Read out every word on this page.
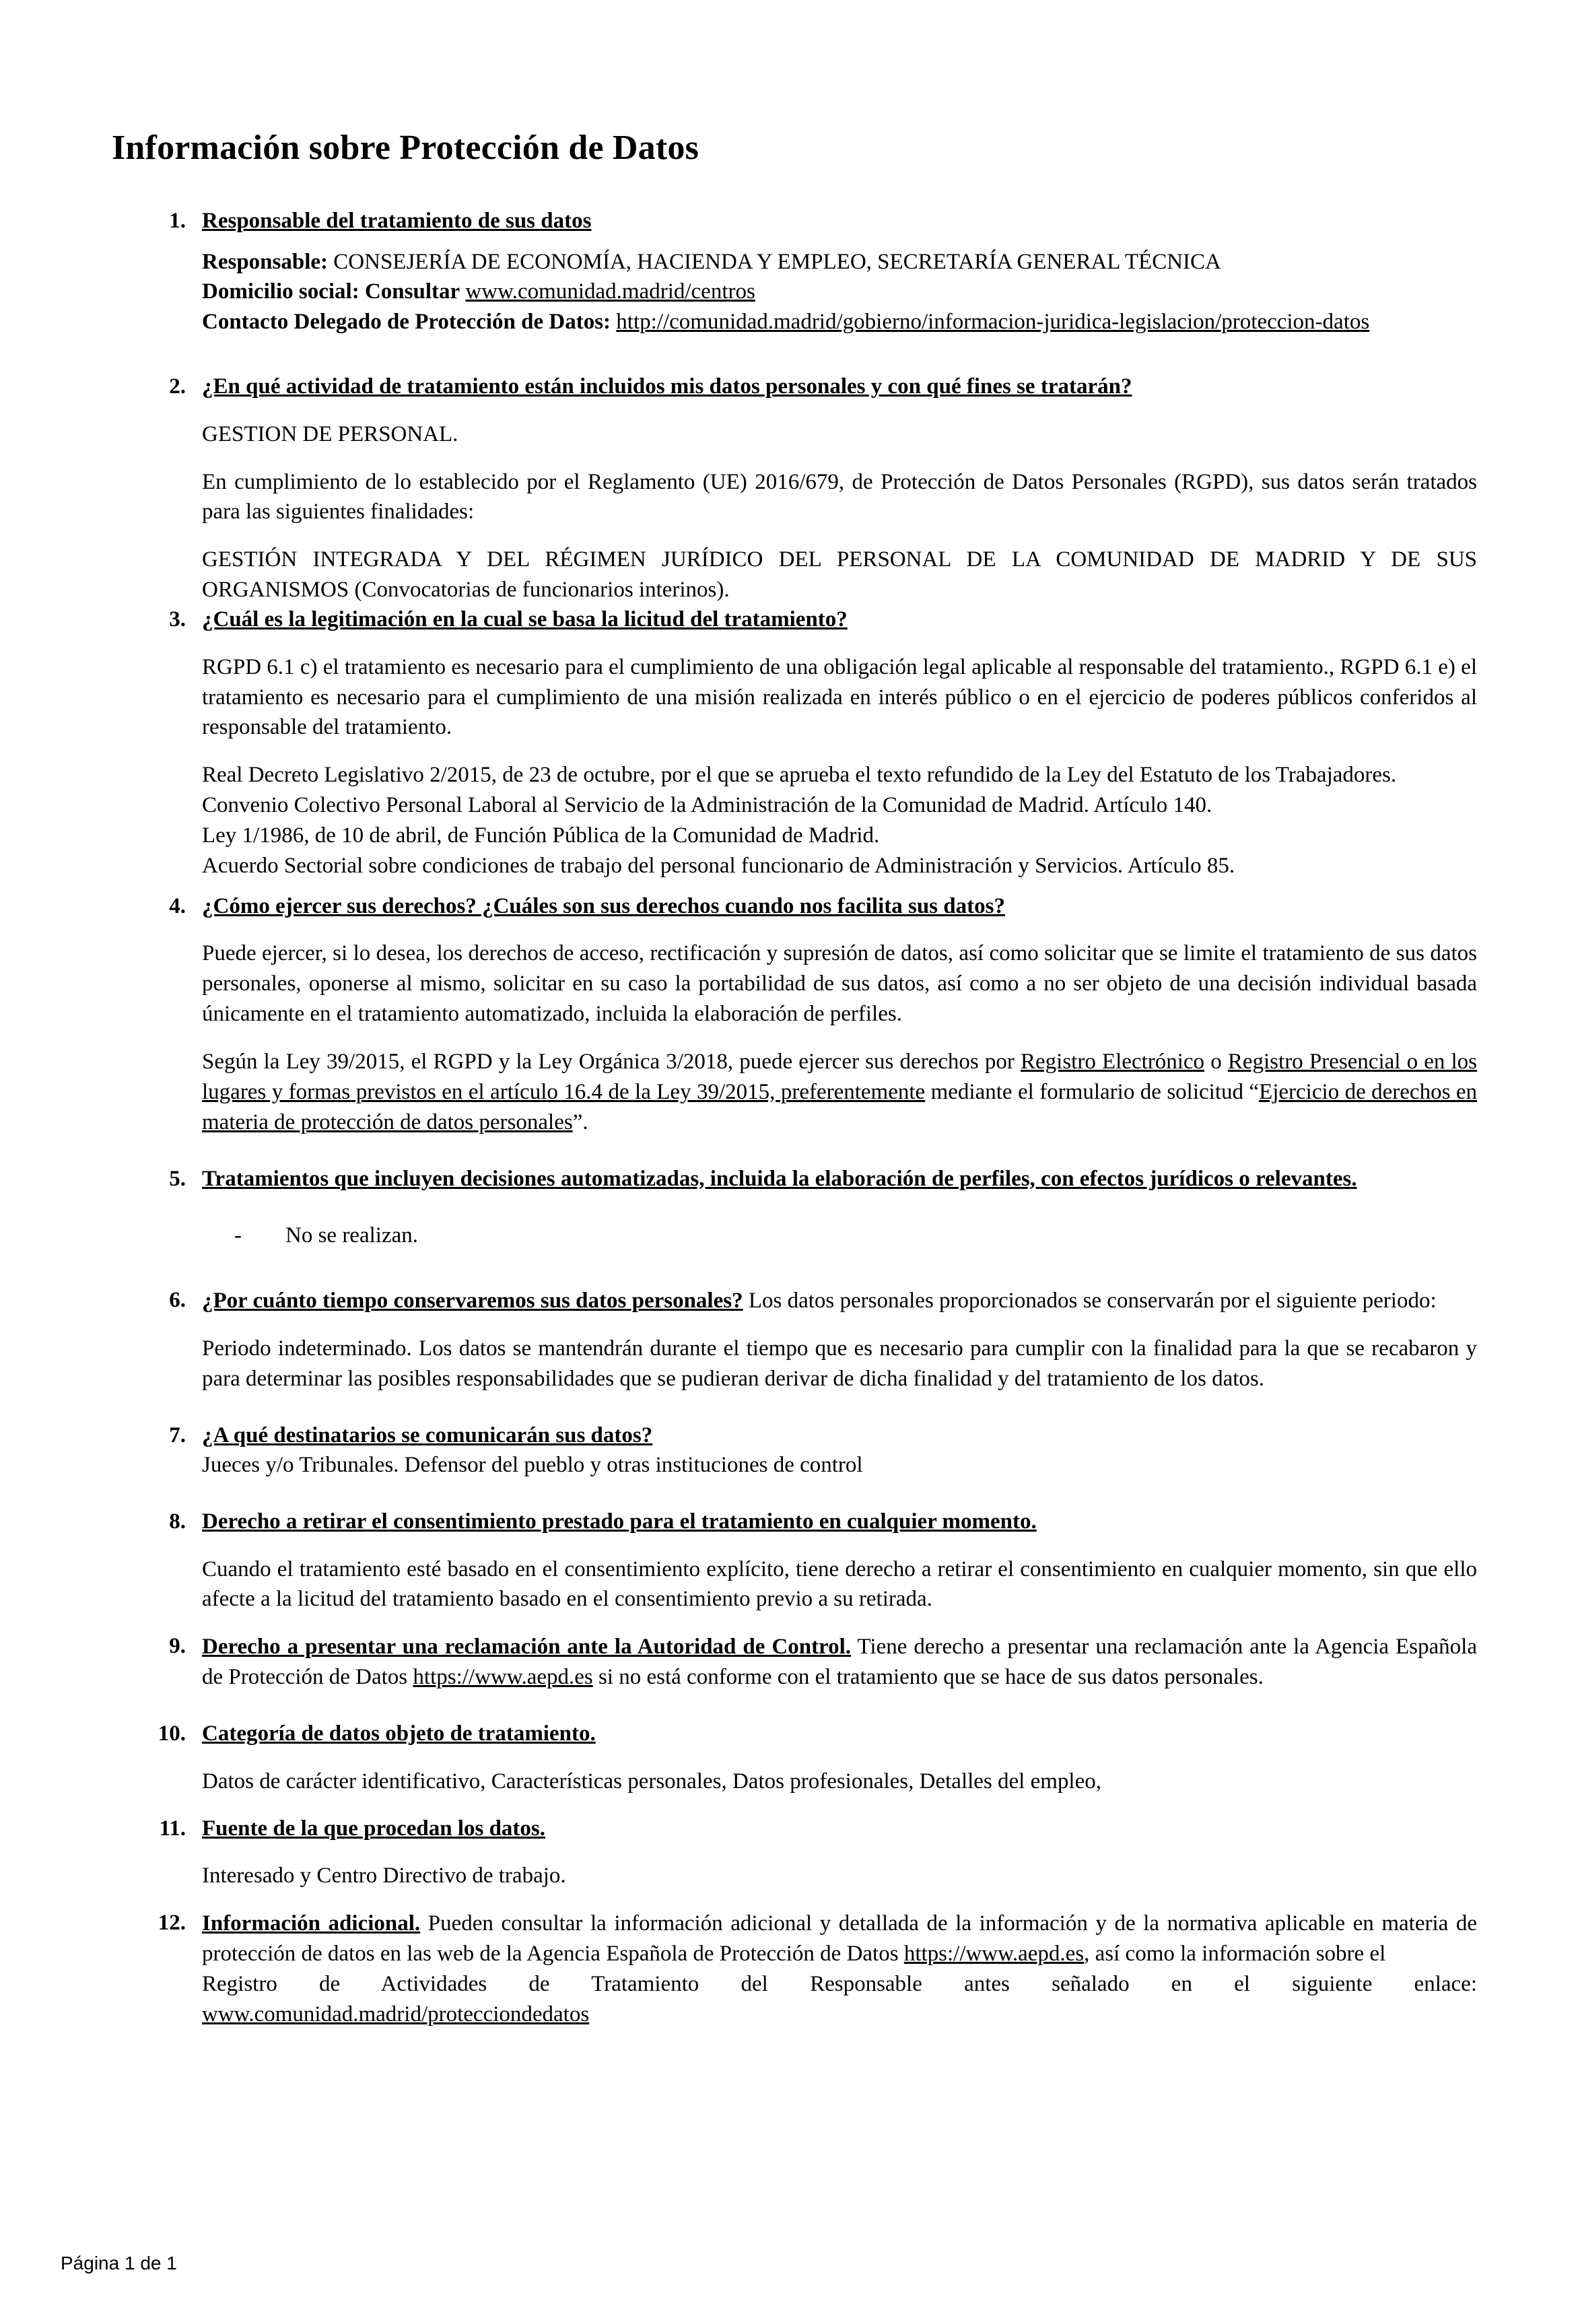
Información sobre Protección de Datos
1. Responsable del tratamiento de sus datos

Responsable: CONSEJERÍA DE ECONOMÍA, HACIENDA Y EMPLEO, SECRETARÍA GENERAL TÉCNICA

Domicilio social: Consultar www.comunidad.madrid/centros

Contacto Delegado de Protección de Datos: http://comunidad.madrid/gobierno/informacion-juridica-legislacion/proteccion-datos

2. ¿En qué actividad de tratamiento están incluidos mis datos personales y con qué fines se tratarán?

GESTION DE PERSONAL.

En cumplimiento de lo establecido por el Reglamento (UE) 2016/679, de Protección de Datos Personales (RGPD), sus datos serán tratados para las siguientes finalidades:

GESTIÓN INTEGRADA Y DEL RÉGIMEN JURÍDICO DEL PERSONAL DE LA COMUNIDAD DE MADRID Y DE SUS ORGANISMOS (Convocatorias de funcionarios interinos).

3. ¿Cuál es la legitimación en la cual se basa la licitud del tratamiento?

RGPD 6.1 c) el tratamiento es necesario para el cumplimiento de una obligación legal aplicable al responsable del tratamiento., RGPD 6.1 e) el tratamiento es necesario para el cumplimiento de una misión realizada en interés público o en el ejercicio de poderes públicos conferidos al responsable del tratamiento.

Real Decreto Legislativo 2/2015, de 23 de octubre, por el que se aprueba el texto refundido de la Ley del Estatuto de los Trabajadores.

Convenio Colectivo Personal Laboral al Servicio de la Administración de la Comunidad de Madrid. Artículo 140.

Ley 1/1986, de 10 de abril, de Función Pública de la Comunidad de Madrid.

Acuerdo Sectorial sobre condiciones de trabajo del personal funcionario de Administración y Servicios. Artículo 85.

4. ¿Cómo ejercer sus derechos? ¿Cuáles son sus derechos cuando nos facilita sus datos?

Puede ejercer, si lo desea, los derechos de acceso, rectificación y supresión de datos, así como solicitar que se limite el tratamiento de sus datos personales, oponerse al mismo, solicitar en su caso la portabilidad de sus datos, así como a no ser objeto de una decisión individual basada únicamente en el tratamiento automatizado, incluida la elaboración de perfiles.

Según la Ley 39/2015, el RGPD y la Ley Orgánica 3/2018, puede ejercer sus derechos por Registro Electrónico o Registro Presencial o en los lugares y formas previstos en el artículo 16.4 de la Ley 39/2015, preferentemente mediante el formulario de solicitud “Ejercicio de derechos en materia de protección de datos personales”.

5. Tratamientos que incluyen decisiones automatizadas, incluida la elaboración de perfiles, con efectos jurídicos o relevantes.
-	No se realizan.
6. ¿Por cuánto tiempo conservaremos sus datos personales? Los datos personales proporcionados se conservarán por el siguiente periodo:

Periodo indeterminado. Los datos se mantendrán durante el tiempo que es necesario para cumplir con la finalidad para la que se recabaron y para determinar las posibles responsabilidades que se pudieran derivar de dicha finalidad y del tratamiento de los datos.

7. ¿A qué destinatarios se comunicarán sus datos?

Jueces y/o Tribunales. Defensor del pueblo y otras instituciones de control

8. Derecho a retirar el consentimiento prestado para el tratamiento en cualquier momento.

Cuando el tratamiento esté basado en el consentimiento explícito, tiene derecho a retirar el consentimiento en cualquier momento, sin que ello afecte a la licitud del tratamiento basado en el consentimiento previo a su retirada.

9. Derecho a presentar una reclamación ante la Autoridad de Control. Tiene derecho a presentar una reclamación ante la Agencia Española de Protección de Datos https://www.aepd.es si no está conforme con el tratamiento que se hace de sus datos personales.

10. Categoría de datos objeto de tratamiento.

Datos de carácter identificativo, Características personales, Datos profesionales, Detalles del empleo,

11. Fuente de la que procedan los datos.

Interesado y Centro Directivo de trabajo.

12. Información adicional. Pueden consultar la información adicional y detallada de la información y de la normativa aplicable en materia de protección de datos en las web de la Agencia Española de Protección de Datos https://www.aepd.es, así como la información sobre el

Registro de Actividades de Tratamiento del Responsable antes señalado en el siguiente enlace:

www.comunidad.madrid/protecciondedatos

Página 1 de 1
